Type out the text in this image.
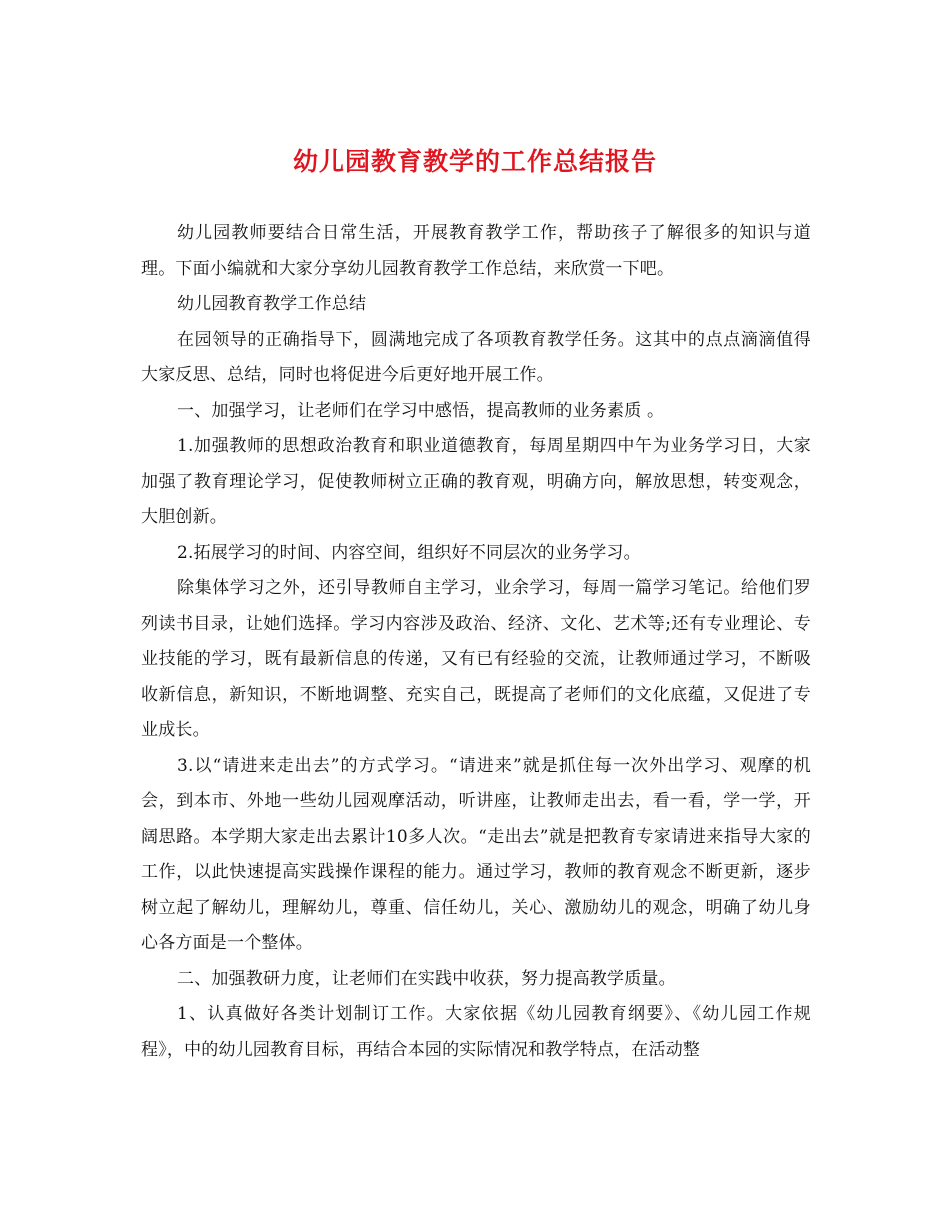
幼儿园教育教学的工作总结报告

幼儿园教师要结合日常生活，开展教育教学工作，帮助孩子了解很多的知识与道理。下面小编就和大家分享幼儿园教育教学工作总结，来欣赏一下吧。

幼儿园教育教学工作总结

在园领导的正确指导下，圆满地完成了各项教育教学任务。这其中的点点滴滴值得大家反思、总结，同时也将促进今后更好地开展工作。

一、加强学习，让老师们在学习中感悟，提高教师的业务素质 。

1.加强教师的思想政治教育和职业道德教育，每周星期四中午为业务学习日，大家加强了教育理论学习，促使教师树立正确的教育观，明确方向，解放思想，转变观念，大胆创新。

2.拓展学习的时间、内容空间，组织好不同层次的业务学习。

除集体学习之外，还引导教师自主学习，业余学习，每周一篇学习笔记。给他们罗列读书目录，让她们选择。学习内容涉及政治、经济、文化、艺术等;还有专业理论、专业技能的学习，既有最新信息的传递，又有已有经验的交流，让教师通过学习，不断吸收新信息，新知识，不断地调整、充实自己，既提高了老师们的文化底蕴，又促进了专业成长。

3.以“请进来走出去”的方式学习。“请进来”就是抓住每一次外出学习、观摩的机会，到本市、外地一些幼儿园观摩活动，听讲座，让教师走出去，看一看，学一学，开阔思路。本学期大家走出去累计10多人次。“走出去”就是把教育专家请进来指导大家的工作，以此快速提高实践操作课程的能力。通过学习，教师的教育观念不断更新，逐步树立起了解幼儿，理解幼儿，尊重、信任幼儿，关心、激励幼儿的观念，明确了幼儿身心各方面是一个整体。

二、加强教研力度，让老师们在实践中收获，努力提高教学质量。

1、认真做好各类计划制订工作。大家依据《幼儿园教育纲要》、《幼儿园工作规程》，中的幼儿园教育目标，再结合本园的实际情况和教学特点，在活动整
